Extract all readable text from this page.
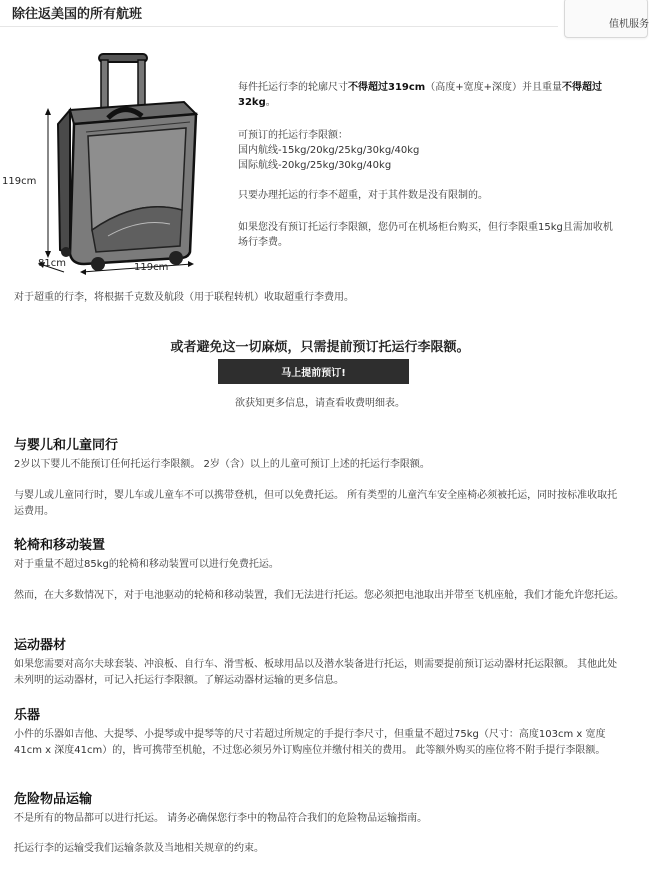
除往返美国的所有航班
值机服务
119cm
81cm	119cm
每件托运行李的轮廓尺寸不得超过319cm（高度+宽度+深度）并且重量不得超过32kg。
可预订的托运行李限额：
国内航线-15kg/20kg/25kg/30kg/40kg
国际航线-20kg/25kg/30kg/40kg
只要办理托运的行李不超重，对于其件数是没有限制的。
如果您没有预订托运行李限额，您仍可在机场柜台购买，但行李限重15kg且需加收机场行李费。
对于超重的行李，将根据千克数及航段（用于联程转机）收取超重行李费用。
或者避免这一切麻烦，只需提前预订托运行李限额。
马上提前预订!
欲获知更多信息，请查看收费明细表。
与婴儿和儿童同行

2岁以下婴儿不能预订任何托运行李限额。 2岁（含）以上的儿童可预订上述的托运行李限额。

与婴儿或儿童同行时，婴儿车或儿童车不可以携带登机，但可以免费托运。 所有类型的儿童汽车安全座椅必须被托运，同时按标准收取托运费用。

轮椅和移动装置

对于重量不超过85kg的轮椅和移动装置可以进行免费托运。

然而，在大多数情况下，对于电池驱动的轮椅和移动装置，我们无法进行托运。您必须把电池取出并带至飞机座舱，我们才能允许您托运。

运动器材

如果您需要对高尔夫球套装、冲浪板、自行车、滑雪板、板球用品以及潜水装备进行托运，则需要提前预订运动器材托运限额。 其他此处未列明的运动器材，可记入托运行李限额。了解运动器材运输的更多信息。

乐器

小件的乐器如吉他、大提琴、小提琴或中提琴等的尺寸若超过所规定的手提行李尺寸，但重量不超过75kg（尺寸：高度103cm x 宽度41cm x 深度41cm）的，皆可携带至机舱，不过您必须另外订购座位并缴付相关的费用。 此等额外购买的座位将不附手提行李限额。

危险物品运输

不是所有的物品都可以进行托运。 请务必确保您行李中的物品符合我们的危险物品运输指南。

托运行李的运输受我们运输条款及当地相关规章的约束。
